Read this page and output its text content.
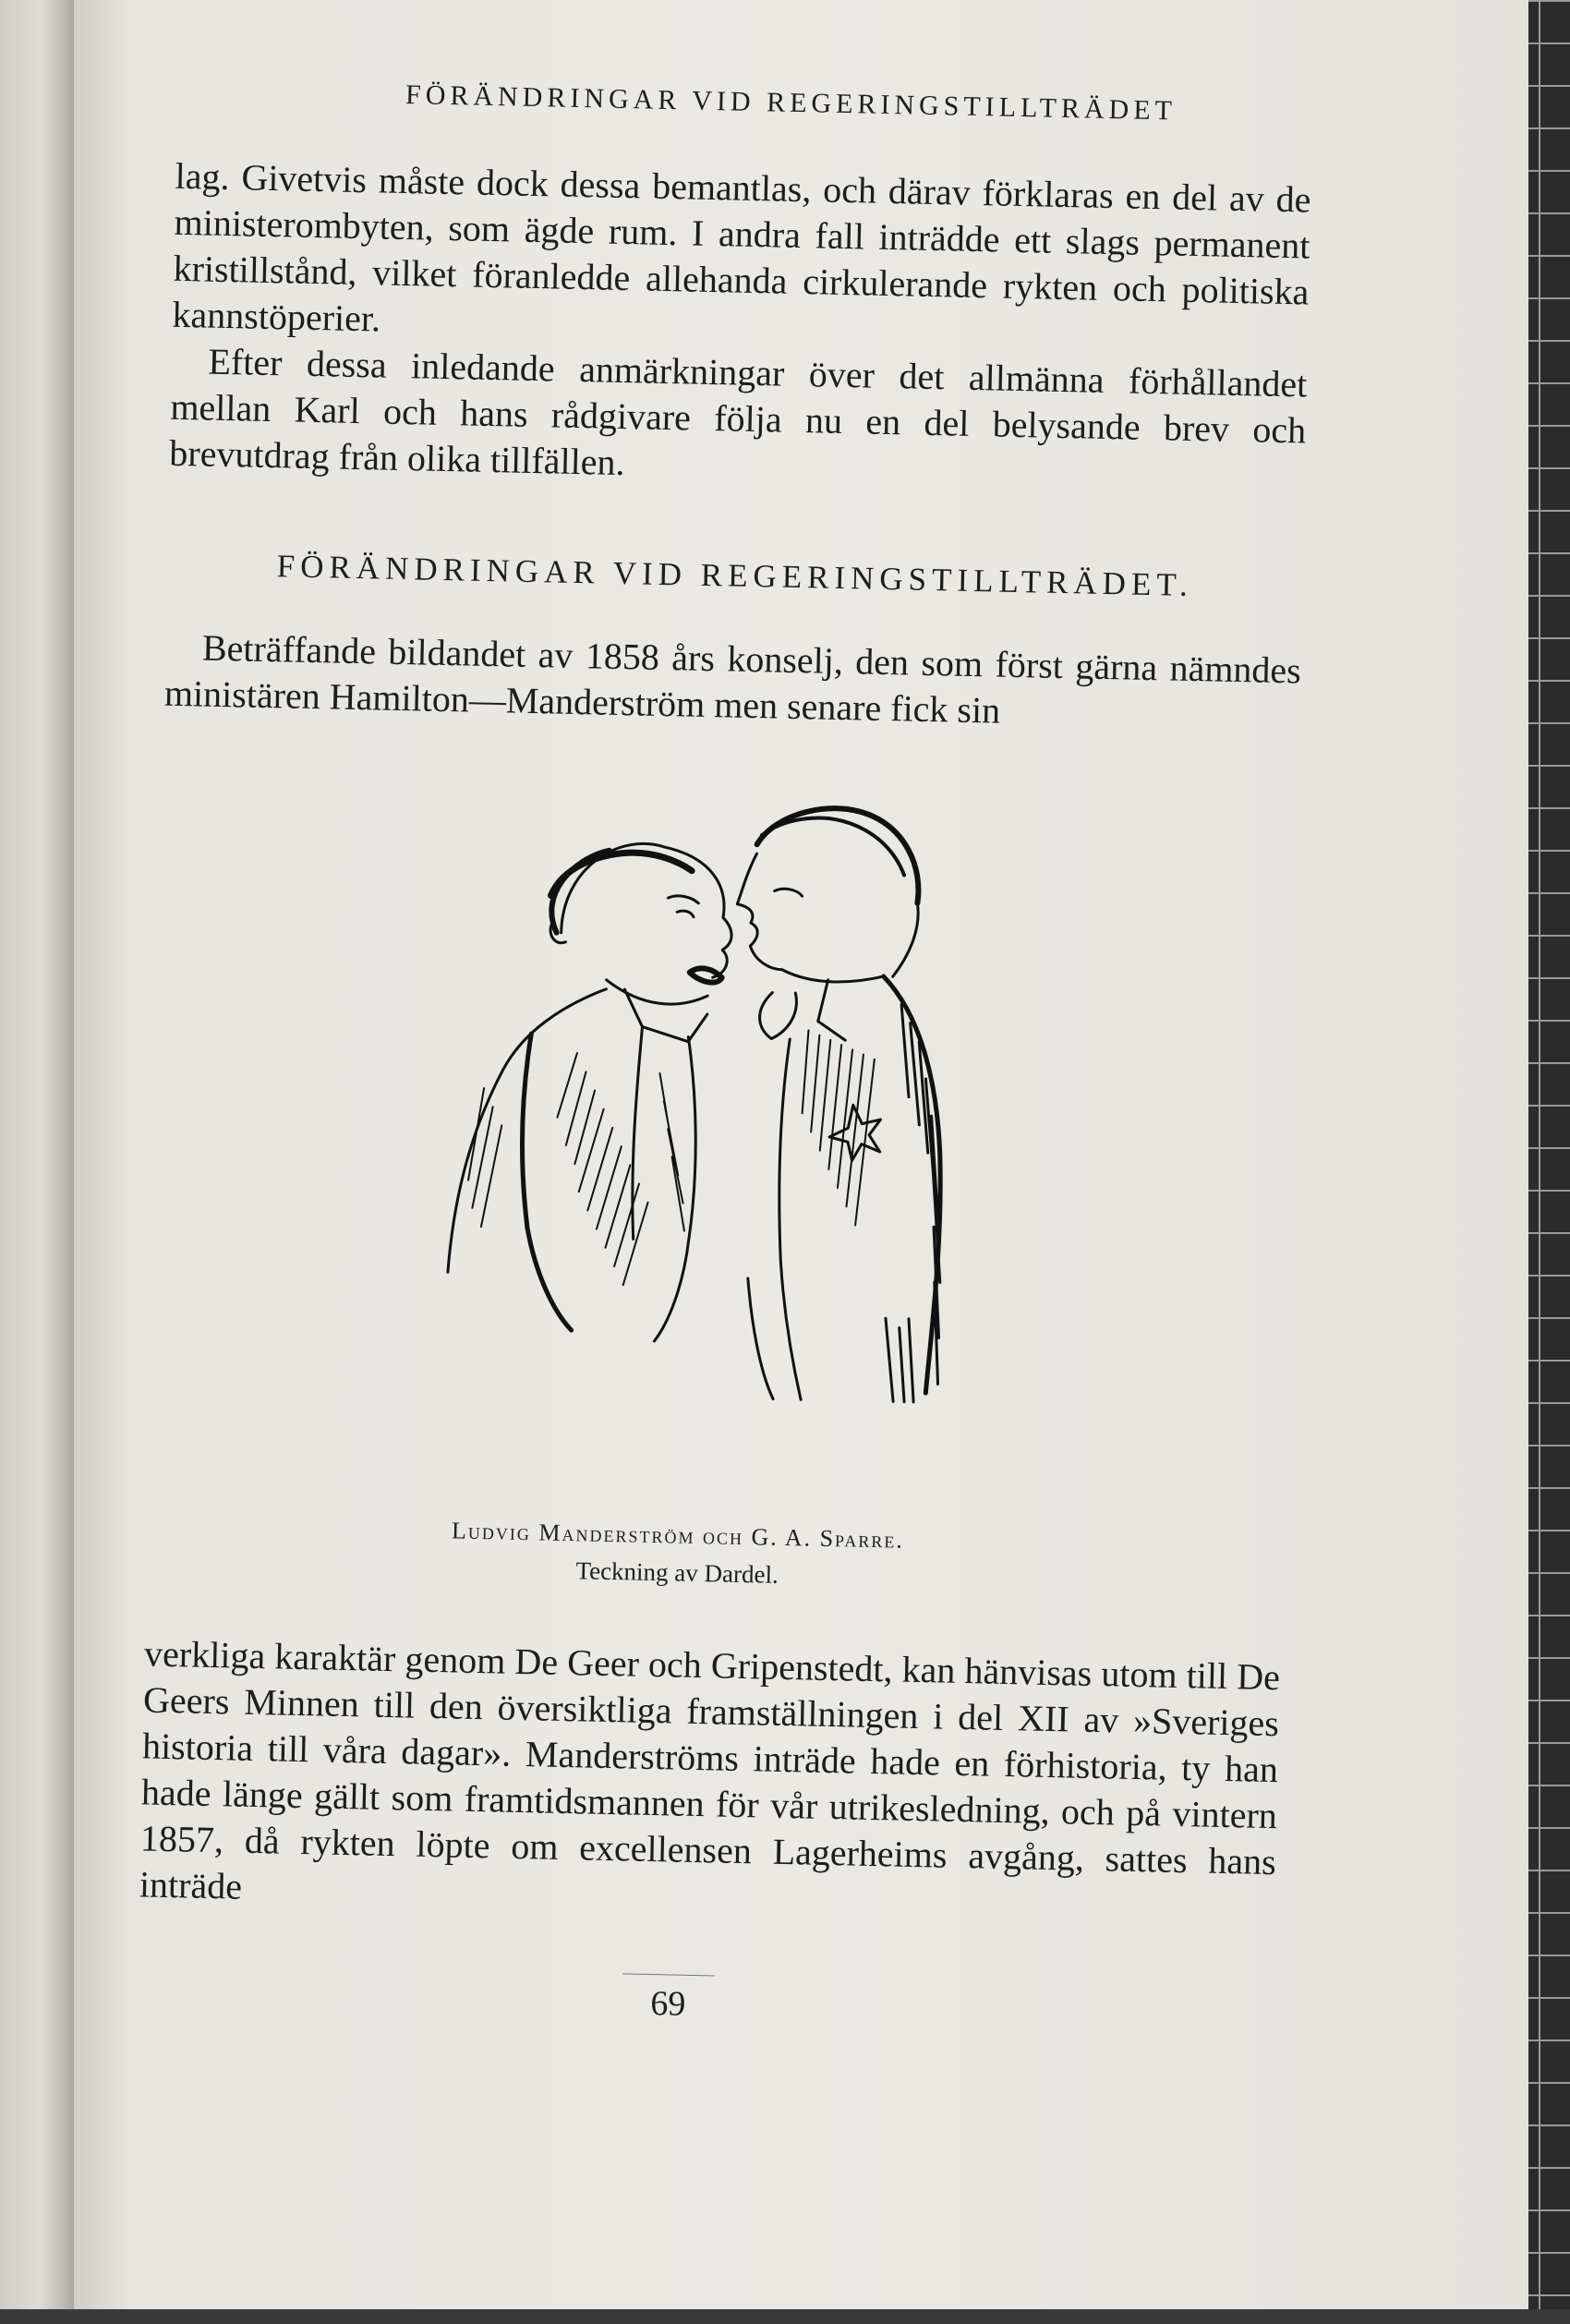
FÖRÄNDRINGAR VID REGERINGSTILLTRÄDET

lag. Givetvis måste dock dessa bemantlas, och därav förklaras en del av de ministerombyten, som ägde rum. I andra fall inträdde ett slags permanent kristillstånd, vilket föranledde allehanda cirkulerande rykten och politiska kannstöperier.

Efter dessa inledande anmärkningar över det allmänna förhållandet mellan Karl och hans rådgivare följa nu en del belysande brev och brevutdrag från olika tillfällen.

FÖRÄNDRINGAR VID REGERINGSTILLTRÄDET.

Beträffande bildandet av 1858 års konselj, den som först gärna nämndes ministären Hamilton—Manderström men senare fick sin

Ludvig Manderström och G. A. Sparre.
Teckning av Dardel.

verkliga karaktär genom De Geer och Gripenstedt, kan hänvisas utom till De Geers Minnen till den översiktliga framställningen i del XII av »Sveriges historia till våra dagar». Manderströms inträde hade en förhistoria, ty han hade länge gällt som framtidsmannen för vår utrikesledning, och på vintern 1857, då rykten löpte om excellensen Lagerheims avgång, sattes hans inträde

69
